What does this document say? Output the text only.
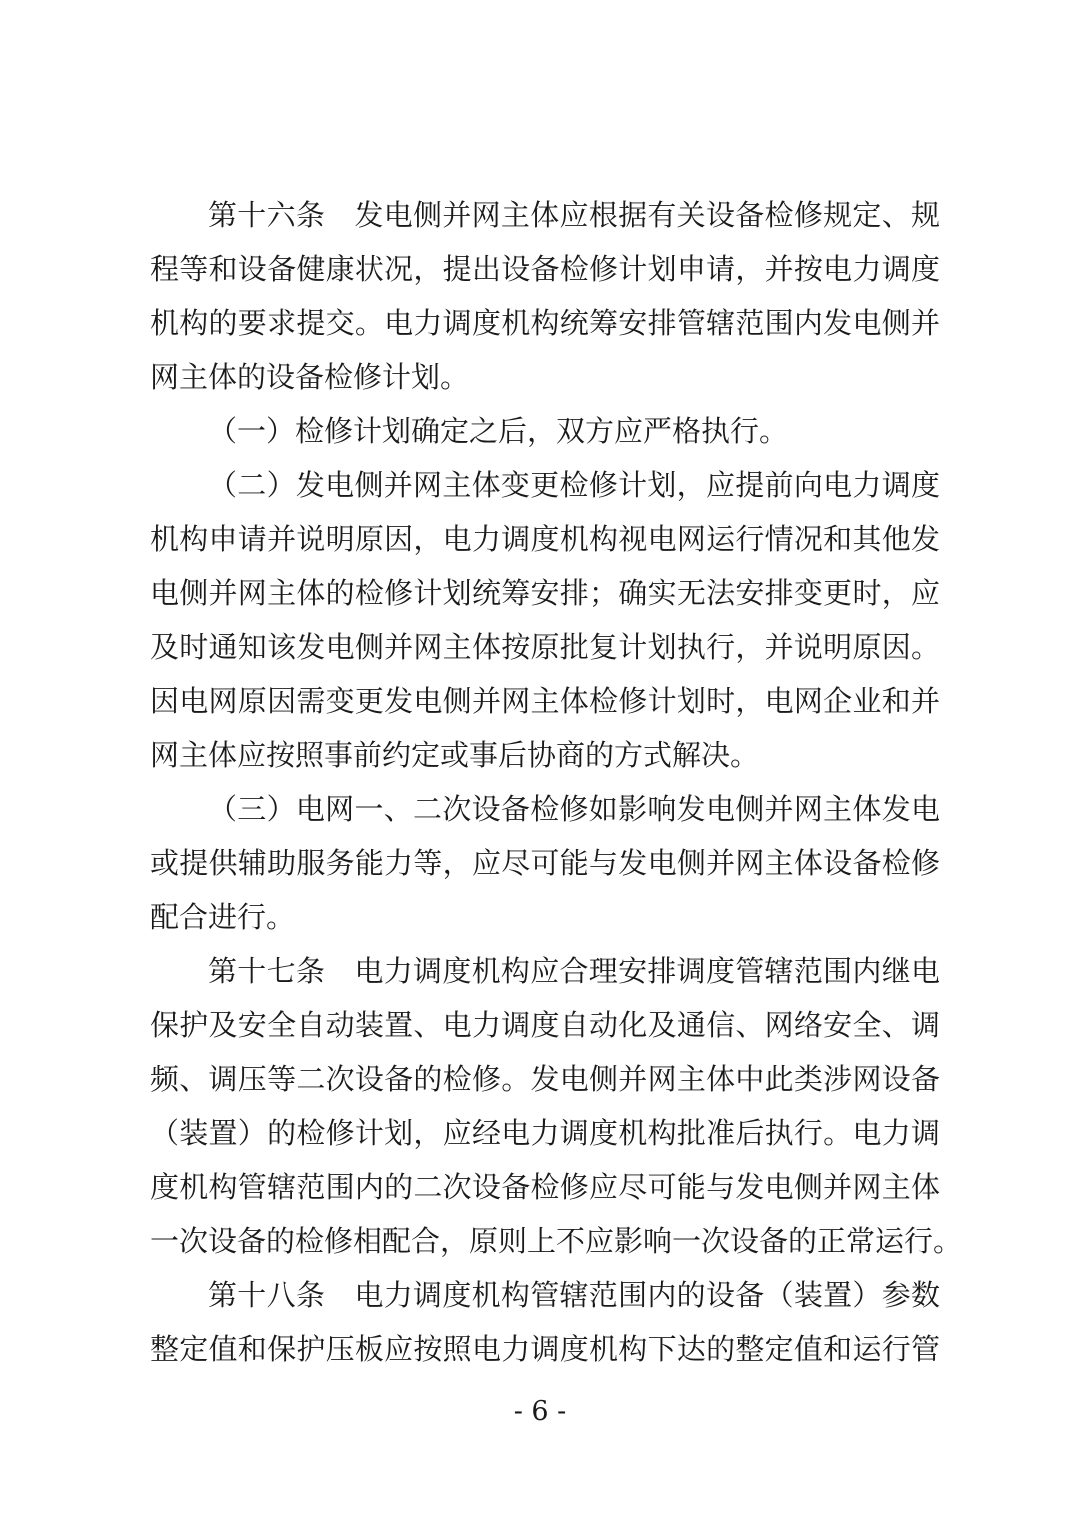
第十六条　发电侧并网主体应根据有关设备检修规定、规
程等和设备健康状况，提出设备检修计划申请，并按电力调度
机构的要求提交。电力调度机构统筹安排管辖范围内发电侧并
网主体的设备检修计划。
（一）检修计划确定之后，双方应严格执行。
（二）发电侧并网主体变更检修计划，应提前向电力调度
机构申请并说明原因，电力调度机构视电网运行情况和其他发
电侧并网主体的检修计划统筹安排；确实无法安排变更时，应
及时通知该发电侧并网主体按原批复计划执行，并说明原因。
因电网原因需变更发电侧并网主体检修计划时，电网企业和并
网主体应按照事前约定或事后协商的方式解决。
（三）电网一、二次设备检修如影响发电侧并网主体发电
或提供辅助服务能力等，应尽可能与发电侧并网主体设备检修
配合进行。
第十七条　电力调度机构应合理安排调度管辖范围内继电
保护及安全自动装置、电力调度自动化及通信、网络安全、调
频、调压等二次设备的检修。发电侧并网主体中此类涉网设备
（装置）的检修计划，应经电力调度机构批准后执行。电力调
度机构管辖范围内的二次设备检修应尽可能与发电侧并网主体
一次设备的检修相配合，原则上不应影响一次设备的正常运行。
第十八条　电力调度机构管辖范围内的设备（装置）参数
整定值和保护压板应按照电力调度机构下达的整定值和运行管
- 6 -
